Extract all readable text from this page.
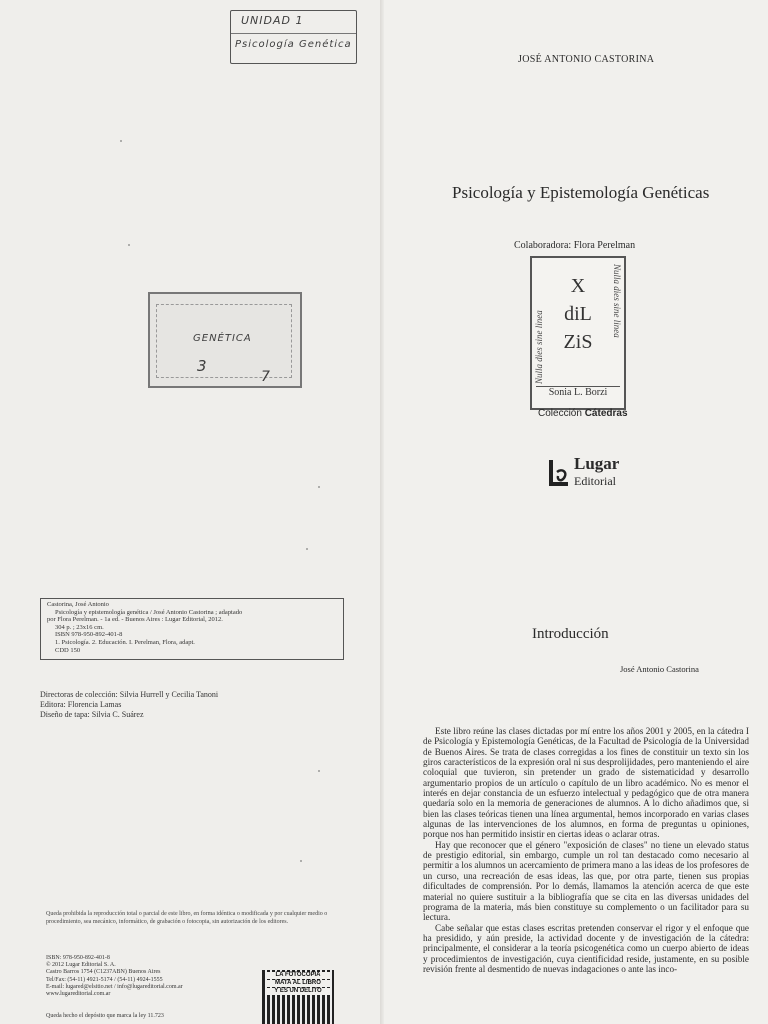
UNIDAD 1
Psicología Genética
GENÉTICA
3
7
Castorina, José Antonio
Psicología y epistemología genética / José Antonio Castorina ; adaptado
por Flora Perelman. - 1a ed. - Buenos Aires : Lugar Editorial, 2012.
304 p. ; 23x16 cm.
ISBN 978-950-892-401-8
1. Psicología. 2. Educación. I. Perelman, Flora, adapt.
CDD 150
Directoras de colección: Silvia Hurrell y Cecilia Tanoni
Editora: Florencia Lamas
Diseño de tapa: Silvia C. Suárez
Queda prohibida la reproducción total o parcial de este libro, en forma idéntica o modificada y por cualquier medio o procedimiento, sea mecánico, informático, de grabación o fotocopia, sin autorización de los editores.
ISBN: 978-950-892-401-8
© 2012 Lugar Editorial S. A.
Castro Barros 1754 (C1237ABN) Buenos Aires
Tel/Fax: (54-11) 4921-5174 / (54-11) 4924-1555
E-mail: lugared@elsitio.net / info@lugareditorial.com.ar
www.lugareditorial.com.ar
LA FOTOCOPIA
MATA AL LIBRO
Y ES UN DELITO
Queda hecho el depósito que marca la ley 11.723
JOSÉ ANTONIO CASTORINA
Psicología y Epistemología Genéticas
Colaboradora: Flora Perelman
Nulla dies sine linea
Nulla dies sine linea
X
diL
ZiS
Sonia L. Borzi
Colección Cátedras
Lugar
Editorial
Introducción
José Antonio Castorina

Este libro reúne las clases dictadas por mí entre los años 2001 y 2005, en la cátedra I de Psicología y Epistemología Genéticas, de la Facultad de Psicología de la Universidad de Buenos Aires. Se trata de clases corregidas a los fines de constituir un texto sin los giros característicos de la expresión oral ni sus desprolijidades, pero manteniendo el aire coloquial que tuvieron, sin pretender un grado de sistematicidad y desarrollo argumentario propios de un artículo o capítulo de un libro académico. No es menor el interés en dejar constancia de un esfuerzo intelectual y pedagógico que de otra manera quedaría solo en la memoria de generaciones de alumnos. A lo dicho añadimos que, si bien las clases teóricas tienen una línea argumental, hemos incorporado en varias clases algunas de las intervenciones de los alumnos, en forma de preguntas u opiniones, porque nos han permitido insistir en ciertas ideas o aclarar otras.

Hay que reconocer que el género "exposición de clases" no tiene un elevado status de prestigio editorial, sin embargo, cumple un rol tan destacado como necesario al permitir a los alumnos un acercamiento de primera mano a las ideas de los profesores de un curso, una recreación de esas ideas, las que, por otra parte, tienen sus propias dificultades de comprensión. Por lo demás, llamamos la atención acerca de que este material no quiere sustituir a la bibliografía que se cita en las diversas unidades del programa de la materia, más bien constituye su complemento o un facilitador para su lectura.

Cabe señalar que estas clases escritas pretenden conservar el rigor y el enfoque que ha presidido, y aún preside, la actividad docente y de investigación de la cátedra: principalmente, el considerar a la teoría psicogenética como un cuerpo abierto de ideas y procedimientos de investigación, cuya cientificidad reside, justamente, en su posible revisión frente al desmentido de nuevas indagaciones o ante las inco-
